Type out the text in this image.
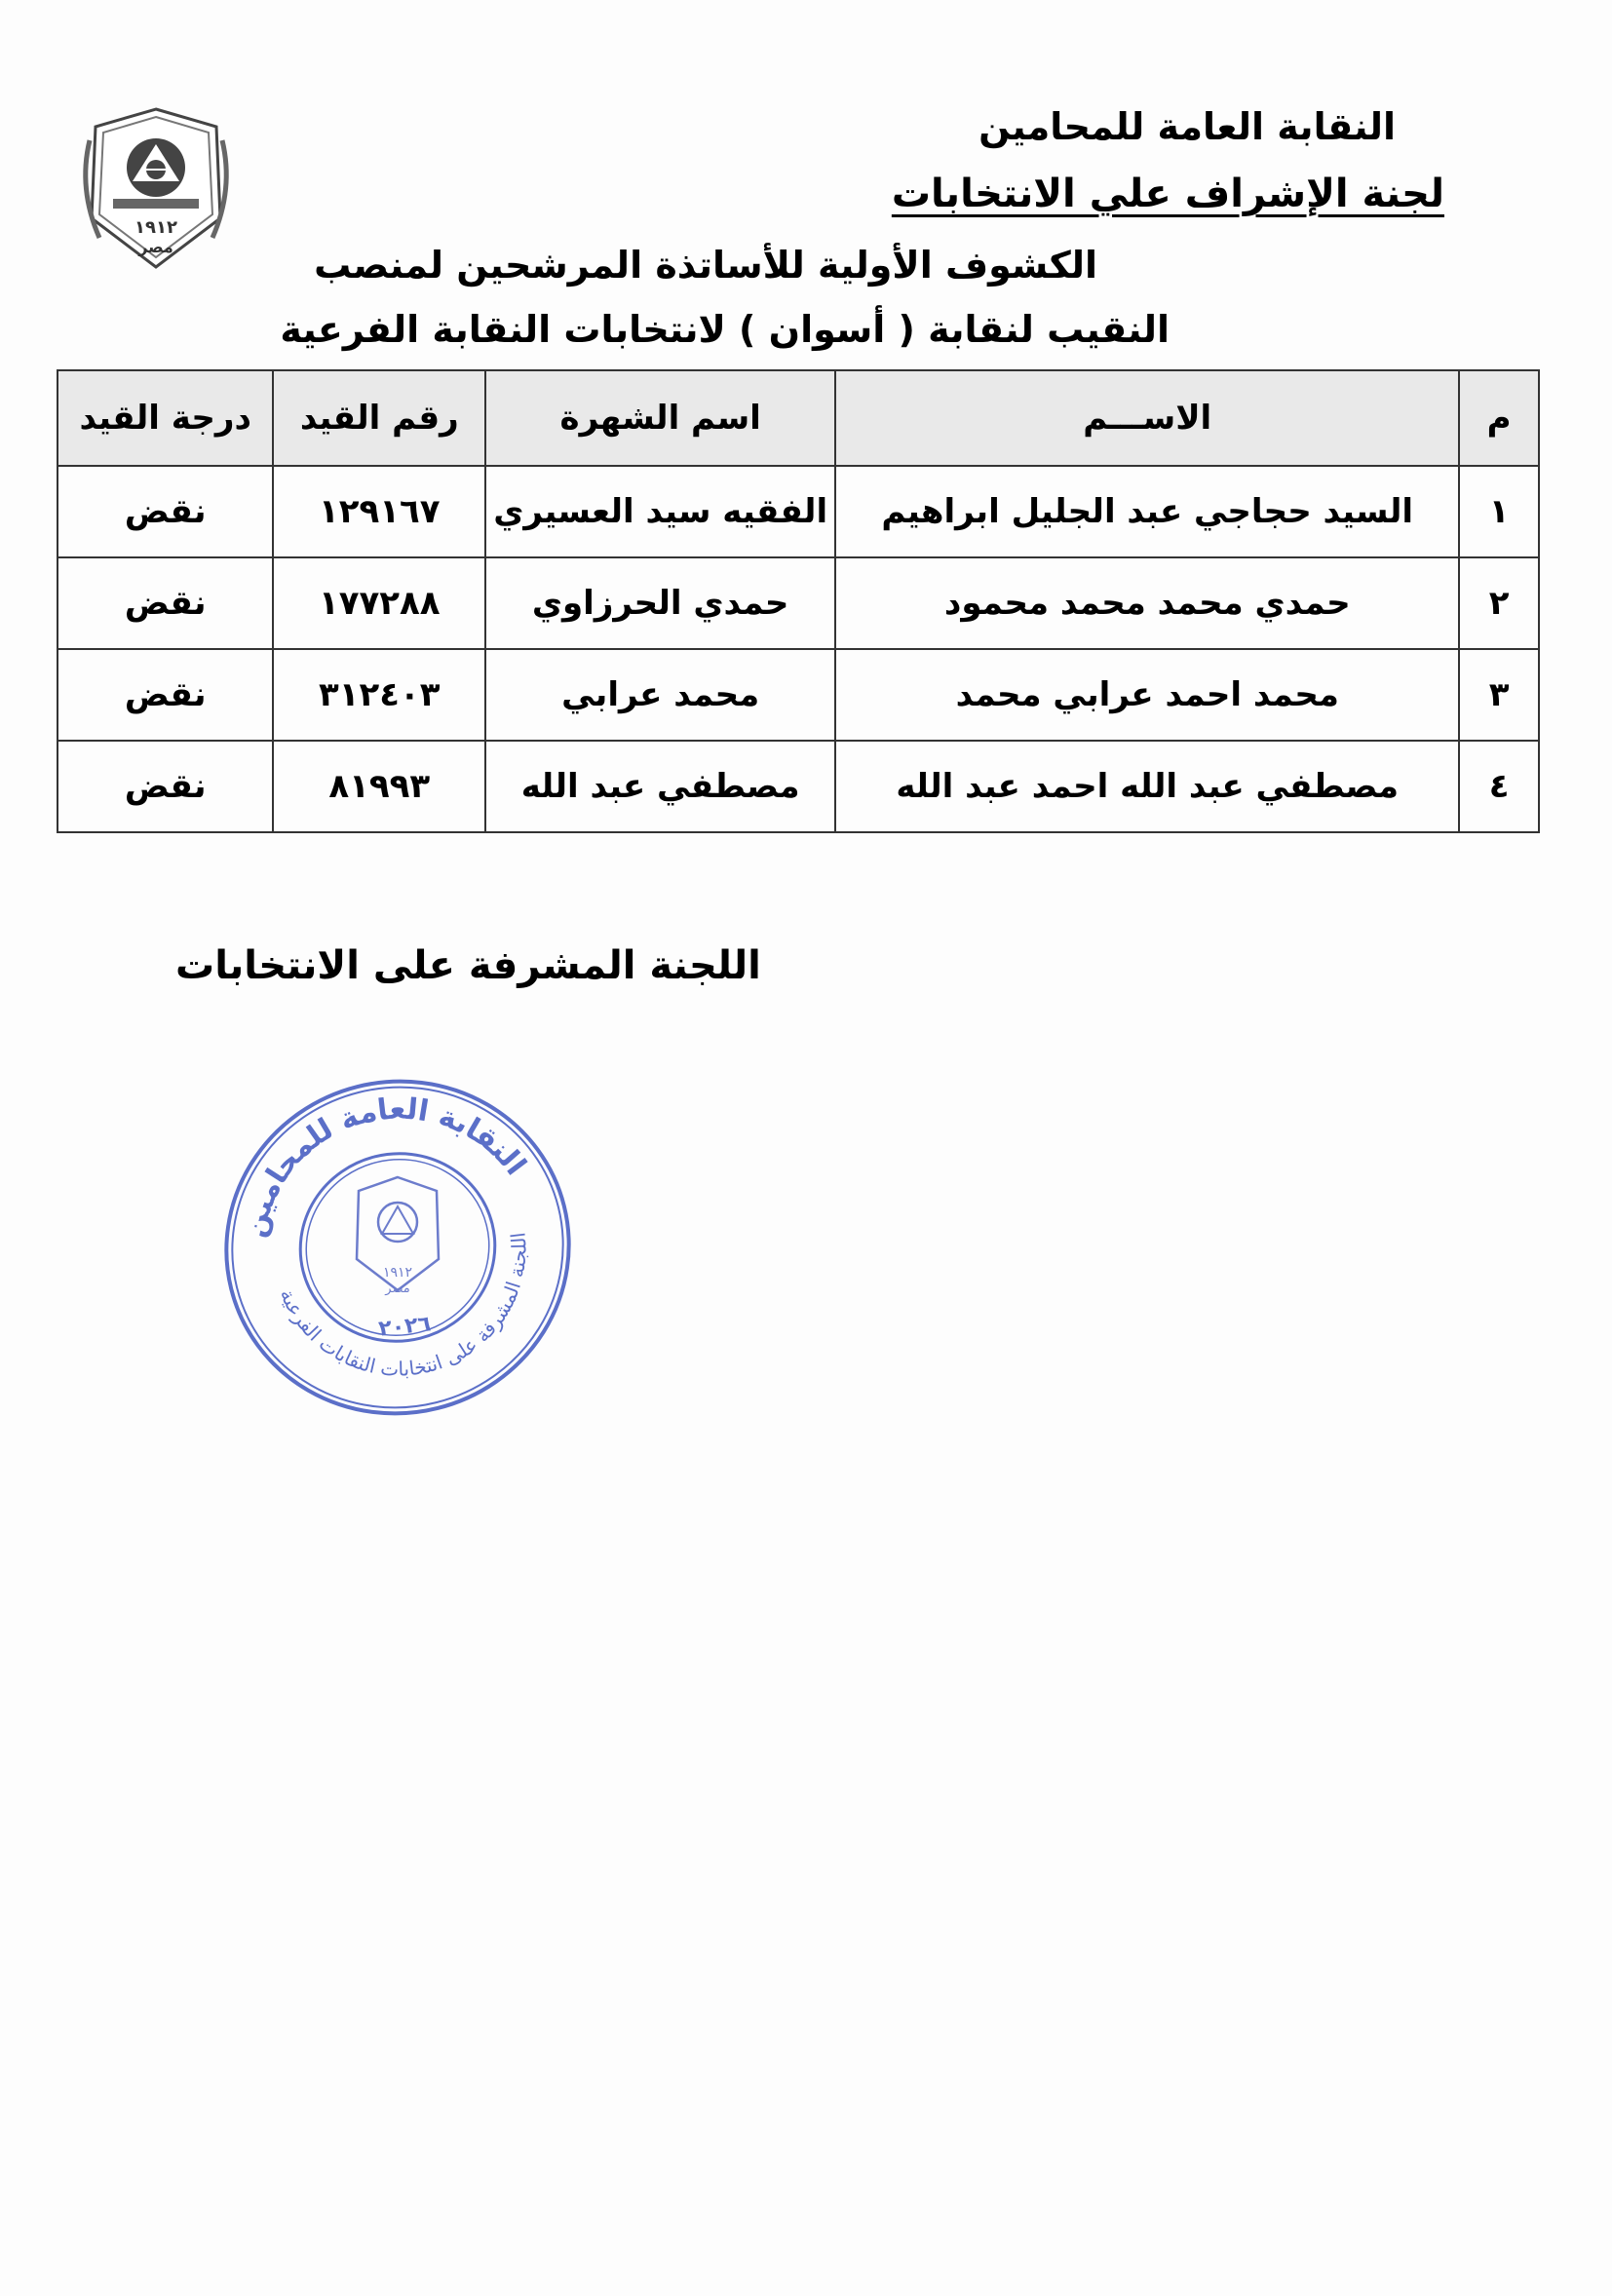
١٩١٢
مصر
النقابة العامة للمحامين
لجنة الإشراف علي الانتخابات
الكشوف الأولية للأساتذة المرشحين لمنصب
النقيب لنقابة ( أسوان ) لانتخابات النقابة الفرعية
م	الاســـم	اسم الشهرة	رقم القيد	درجة القيد
١	السيد حجاجي عبد الجليل ابراهيم	الفقيه سيد العسيري	١٢٩١٦٧	نقض
٢	حمدي محمد محمد محمود	حمدي الحرزاوي	١٧٧٢٨٨	نقض
٣	محمد احمد عرابي محمد	محمد عرابي	٣١٢٤٠٣	نقض
٤	مصطفي عبد الله احمد عبد الله	مصطفي عبد الله	٨١٩٩٣	نقض
اللجنة المشرفة على الانتخابات
النقابة العامة للمحامين
اللجنة المشرفة على انتخابات النقابات الفرعية
١٩١٢
مصر
٢٠٢٦
